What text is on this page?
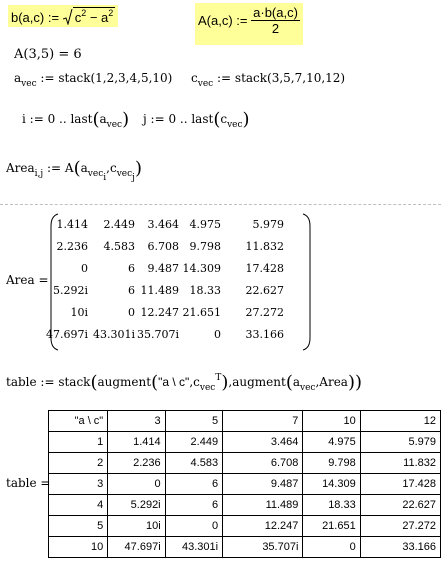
b(a,c) := $c^2 - a^2$	A(a,c) := $\frac{a\cdot b(a,c)}{2}$
A(3,5) = 6
$a_{vec}$ := stack(1,2,3,4,5,10) $c_{vec}$ := stack(3,5,7,10,12)
i := 0 .. $last(a_{vec})$ j := 0 .. $last(c_{vec})$
Area$_{i,j}$ := $A(a_{veci},c_{vecj})$
Area =
1.414 2.449 3.464 4.975	5.979
2.236 4.583 6.708 9.798 11.832
0	6 9.487 14.309 17.428
5.292i	6 11.489 18.33 22.627
10i	0 12.247 21.651 27.272
47.697i 43.301i 35.707i	0 33.166
table := stack(augment("a \ $c",c_{vec}^T),augment(a_{vec},Area)$)
table =
"a \ c"	3	5	7	10	12
1	1.414	2.449	3.464	4.975	5.979
2	2.236	4.583	6.708	9.798	11.832
3	0	6	9.487	14.309	17.428
4	5.292i	6	11.489	18.33	22.627
5	10i	0	12.247	21.651	27.272
10	47.697i	43.301i	35.707i	0	33.166
